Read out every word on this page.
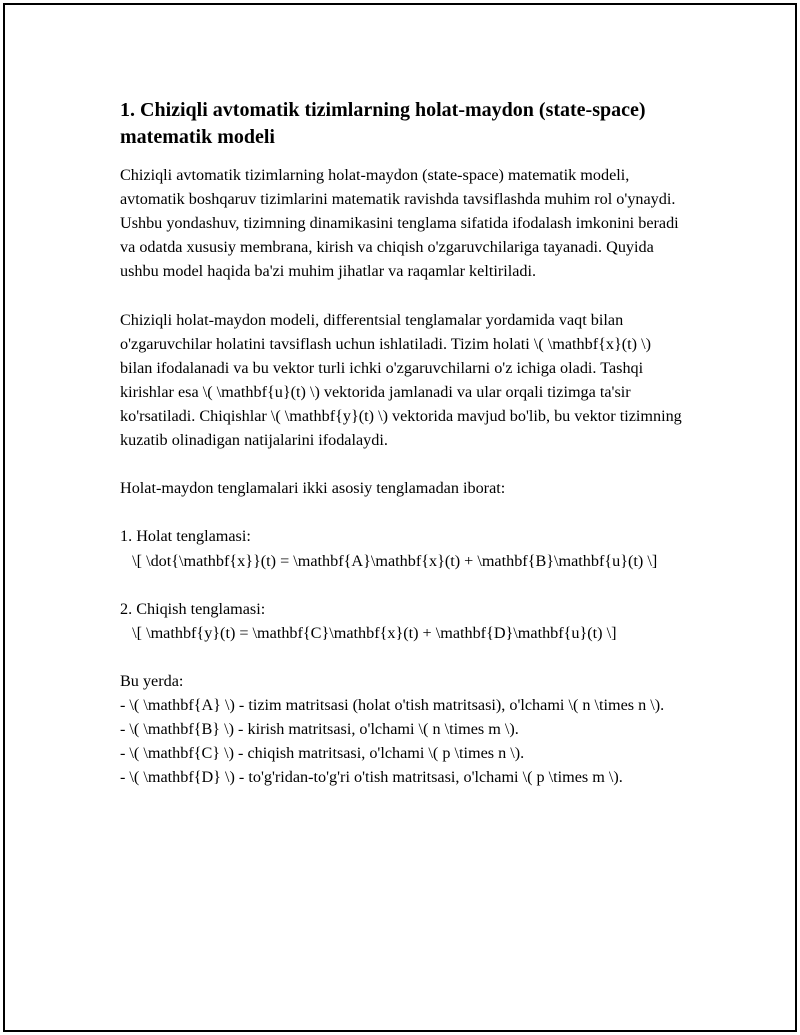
1. Chiziqli avtomatik tizimlarning holat-maydon (state-space) matematik modeli

Chiziqli avtomatik tizimlarning holat-maydon (state-space) matematik modeli, avtomatik boshqaruv tizimlarini matematik ravishda tavsiflashda muhim rol o'ynaydi. Ushbu yondashuv, tizimning dinamikasini tenglama sifatida ifodalash imkonini beradi va odatda xususiy membrana, kirish va chiqish o'zgaruvchilariga tayanadi. Quyida ushbu model haqida ba'zi muhim jihatlar va raqamlar keltiriladi.

Chiziqli holat-maydon modeli, differentsial tenglamalar yordamida vaqt bilan o'zgaruvchilar holatini tavsiflash uchun ishlatiladi. Tizim holati \( \mathbf{x}(t) \) bilan ifodalanadi va bu vektor turli ichki o'zgaruvchilarni o'z ichiga oladi. Tashqi kirishlar esa \( \mathbf{u}(t) \) vektorida jamlanadi va ular orqali tizimga ta'sir ko'rsatiladi. Chiqishlar \( \mathbf{y}(t) \) vektorida mavjud bo'lib, bu vektor tizimning kuzatib olinadigan natijalarini ifodalaydi.

Holat-maydon tenglamalari ikki asosiy tenglamadan iborat:

1. Holat tenglamasi:
\[ \dot{\mathbf{x}}(t) = \mathbf{A}\mathbf{x}(t) + \mathbf{B}\mathbf{u}(t) \]

2. Chiqish tenglamasi:
\[ \mathbf{y}(t) = \mathbf{C}\mathbf{x}(t) + \mathbf{D}\mathbf{u}(t) \]

Bu yerda:
- \( \mathbf{A} \) - tizim matritsasi (holat o'tish matritsasi), o'lchami \( n \times n \).
- \( \mathbf{B} \) - kirish matritsasi, o'lchami \( n \times m \).
- \( \mathbf{C} \) - chiqish matritsasi, o'lchami \( p \times n \).
- \( \mathbf{D} \) - to'g'ridan-to'g'ri o'tish matritsasi, o'lchami \( p \times m \).
